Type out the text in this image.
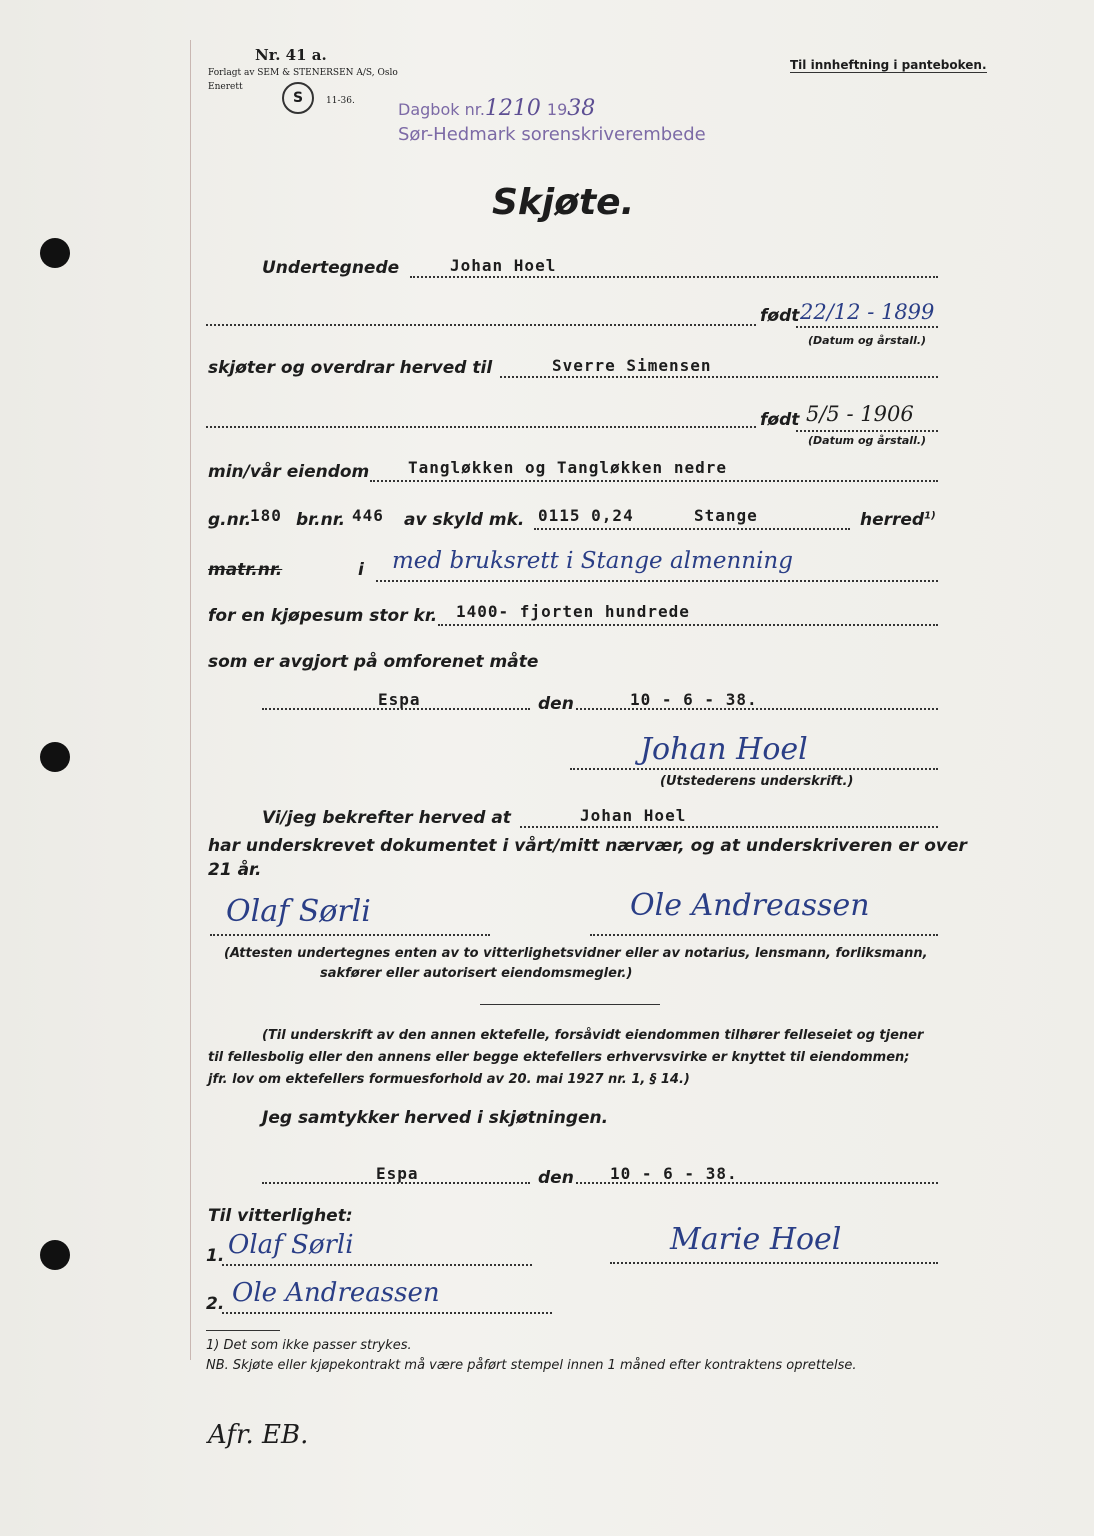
Nr. 41 a.
Forlagt av SEM & STENERSEN A/S, Oslo
Enerett
S	11-36.
Til innheftning i panteboken.
Dagbok nr.1210 1938
Sør-Hedmark sorenskriverembede
Skjøte.
Undertegnede	Johan Hoel
født 22/12 - 1899
(Datum og årstall.)
skjøter og overdrar herved til	Sverre Simensen
født 5/5 - 1906
(Datum og årstall.)
min/vår eiendom Tangløkken og Tangløkken nedre
g.nr.
180 br.nr. 446 av skyld mk. 0115 0,24	Stange	herred$^{1)}$
matr.nr.	i med bruksrett i Stange almenning
for en kjøpesum stor kr. 1400- fjorten hundrede
som er avgjort på omforenet måte
Espa	den	10 - 6 - 38.
Johan Hoel
(Utstederens underskrift.)
Vi/jeg bekrefter herved at	Johan Hoel
har underskrevet dokumentet i vårt/mitt nærvær, og at underskriveren er over
21 år.
Olaf Sørli	Ole Andreassen
(Attesten undertegnes enten av to vitterlighetsvidner eller av notarius, lensmann, forliksmann,
sakfører eller autorisert eiendomsmegler.)
(Til underskrift av den annen ektefelle, forsåvidt eiendommen tilhører felleseiet og tjener
til fellesbolig eller den annens eller begge ektefellers erhvervsvirke er knyttet til eiendommen;
jfr. lov om ektefellers formuesforhold av 20. mai 1927 nr. 1, § 14.)
Jeg samtykker herved i skjøtningen.
Espa	den 10 - 6 - 38.
Til vitterlighet:
1. Olaf Sørli	Marie Hoel
2. Ole Andreassen
1) Det som ikke passer strykes.
NB. Skjøte eller kjøpekontrakt må være påført stempel innen 1 måned efter kontraktens oprettelse.
Afr. EB.
